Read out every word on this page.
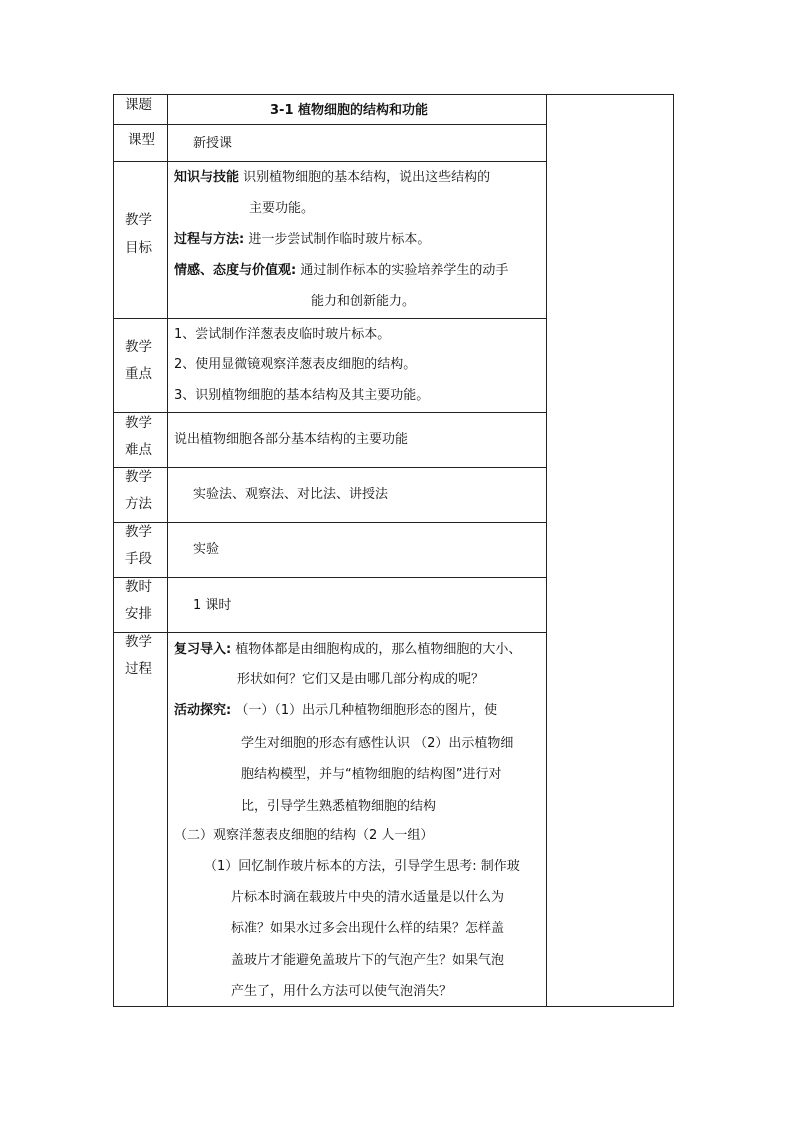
课题	3-1 植物细胞的结构和功能
课型	新授课
教学
目标
知识与技能 识别植物细胞的基本结构，说出这些结构的
主要功能。
过程与方法: 进一步尝试制作临时玻片标本。
情感、态度与价值观: 通过制作标本的实验培养学生的动手
能力和创新能力。
教学
重点
1、尝试制作洋葱表皮临时玻片标本。
2、使用显微镜观察洋葱表皮细胞的结构。
3、识别植物细胞的基本结构及其主要功能。
教学
难点
说出植物细胞各部分基本结构的主要功能
教学
方法
实验法、观察法、对比法、讲授法
教学
手段
实验
教时
安排
1 课时
教学
过程
复习导入: 植物体都是由细胞构成的，那么植物细胞的大小、
形状如何？它们又是由哪几部分构成的呢？
活动探究: （一）（1）出示几种植物细胞形态的图片，使
学生对细胞的形态有感性认识 （2）出示植物细
胞结构模型，并与“植物细胞的结构图”进行对
比，引导学生熟悉植物细胞的结构
（二）观察洋葱表皮细胞的结构（2 人一组）
（1）回忆制作玻片标本的方法，引导学生思考: 制作玻
片标本时滴在载玻片中央的清水适量是以什么为
标准？如果水过多会出现什么样的结果？怎样盖
盖玻片才能避免盖玻片下的气泡产生？如果气泡
产生了，用什么方法可以使气泡消失？
